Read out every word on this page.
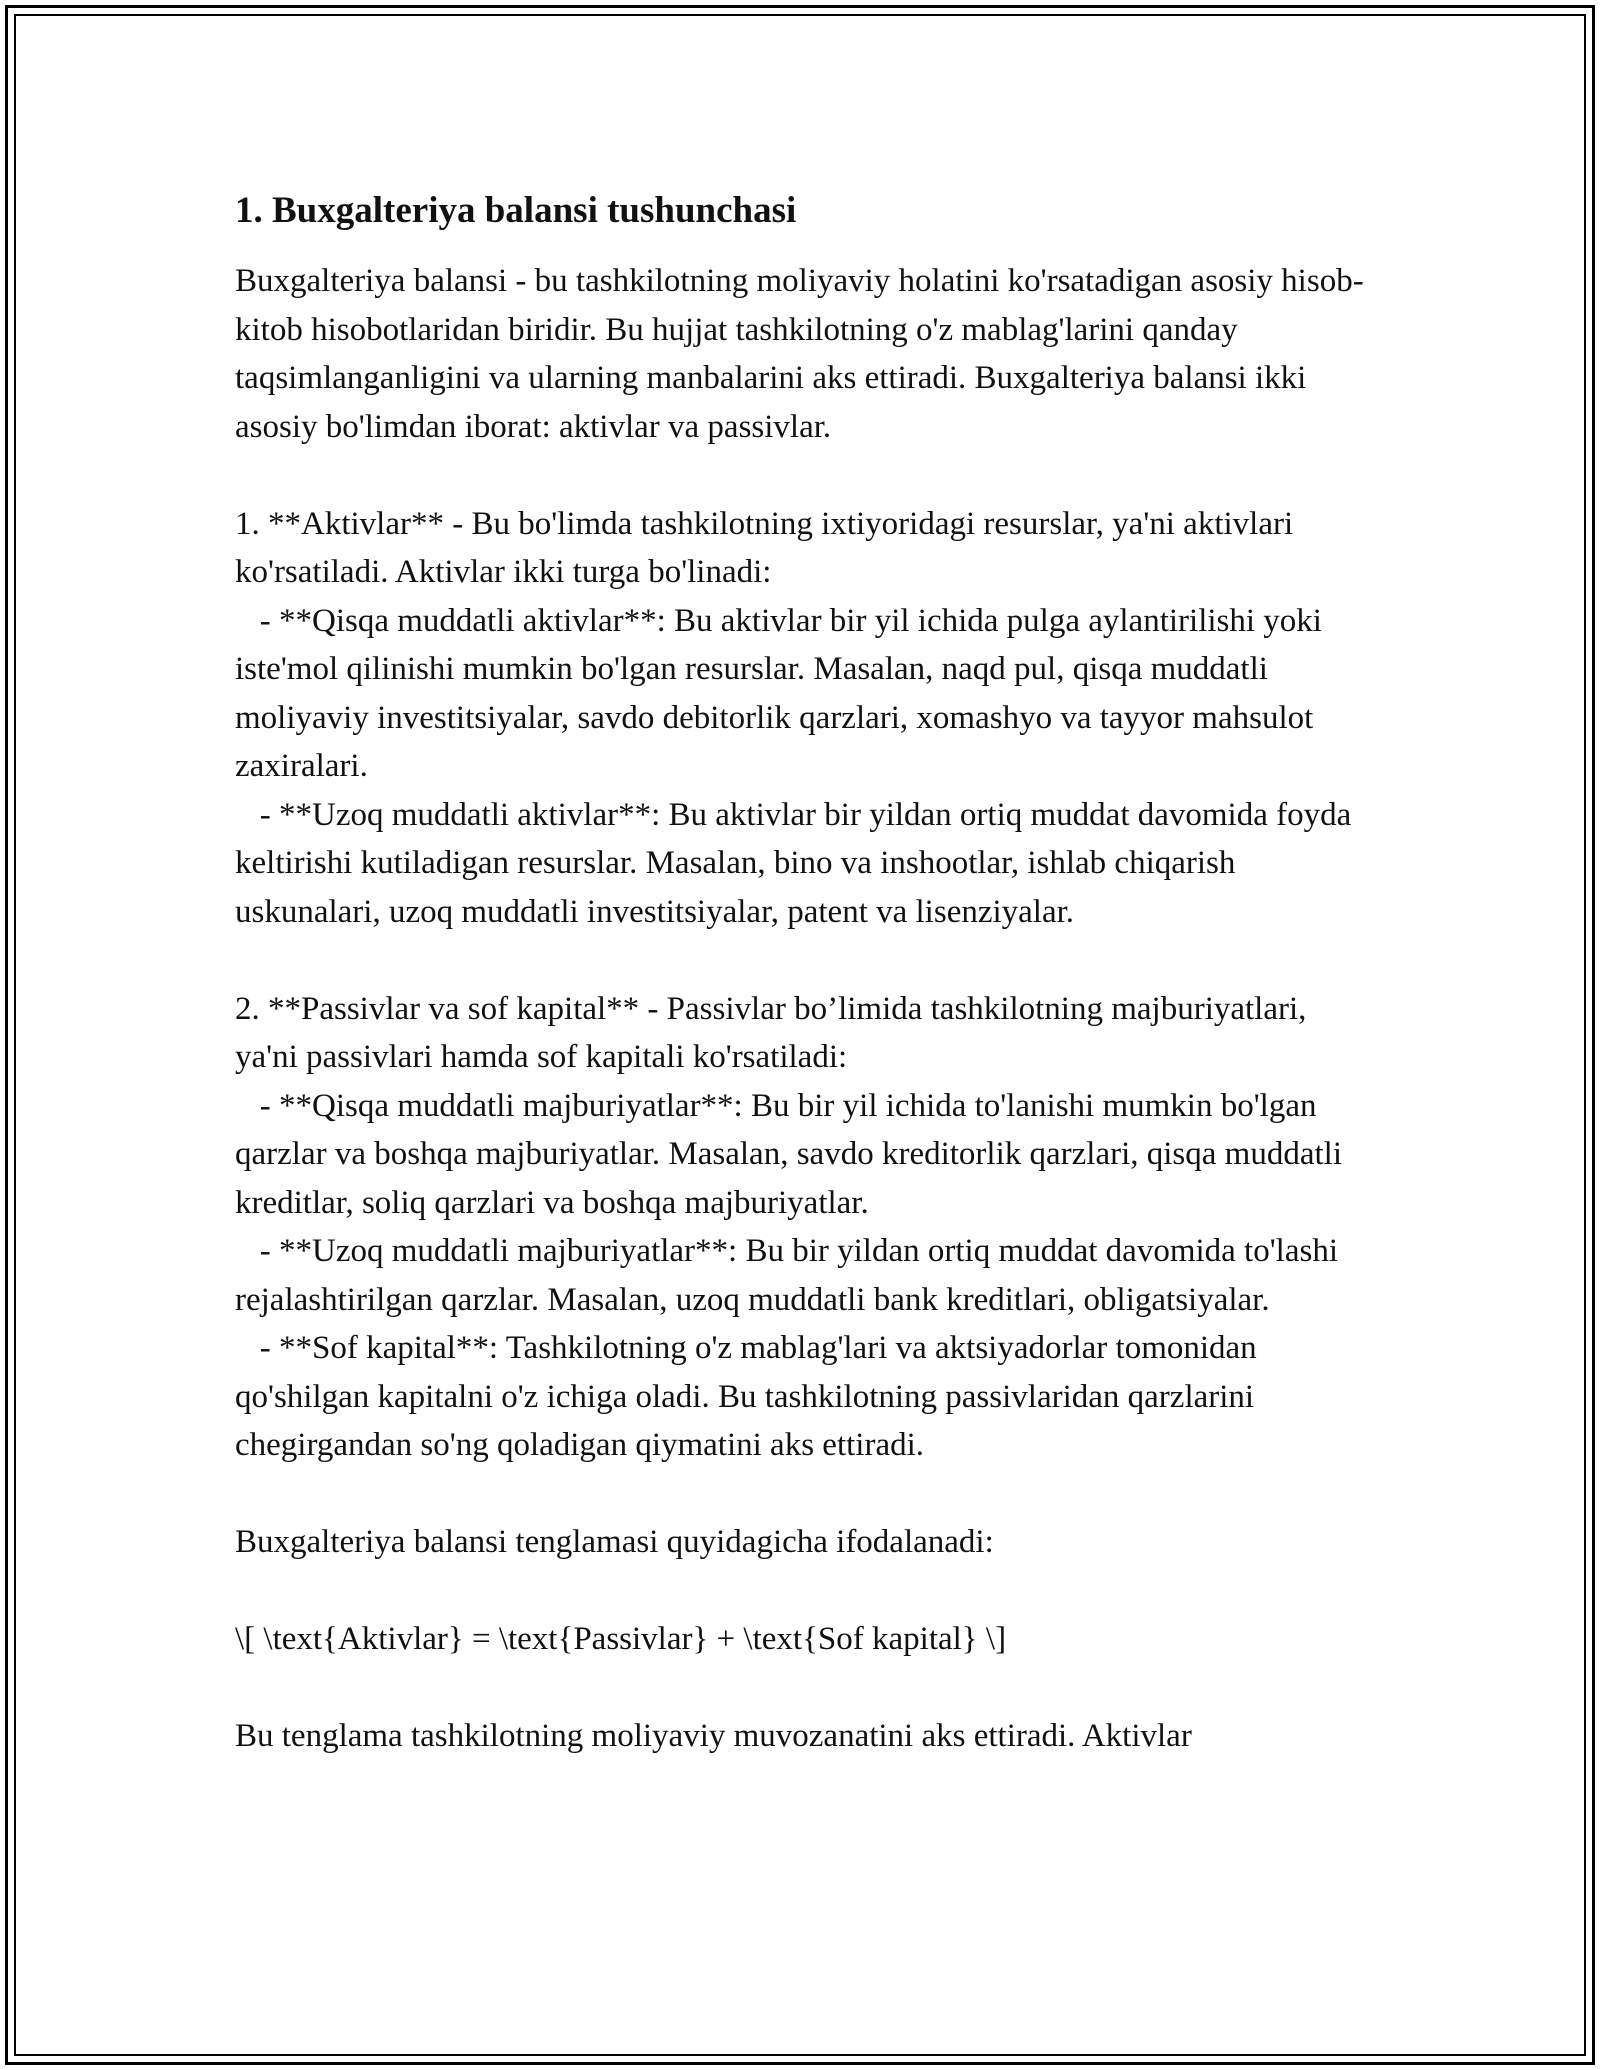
1. Buxgalteriya balansi tushunchasi

Buxgalteriya balansi - bu tashkilotning moliyaviy holatini ko'rsatadigan asosiy hisob-kitob hisobotlaridan biridir. Bu hujjat tashkilotning o'z mablag'larini qanday taqsimlanganligini va ularning manbalarini aks ettiradi. Buxgalteriya balansi ikki asosiy bo'limdan iborat: aktivlar va passivlar.

1. **Aktivlar** - Bu bo'limda tashkilotning ixtiyoridagi resurslar, ya'ni aktivlari ko'rsatiladi. Aktivlar ikki turga bo'linadi:

- **Qisqa muddatli aktivlar**: Bu aktivlar bir yil ichida pulga aylantirilishi yoki iste'mol qilinishi mumkin bo'lgan resurslar. Masalan, naqd pul, qisqa muddatli moliyaviy investitsiyalar, savdo debitorlik qarzlari, xomashyo va tayyor mahsulot zaxiralari.

- **Uzoq muddatli aktivlar**: Bu aktivlar bir yildan ortiq muddat davomida foyda keltirishi kutiladigan resurslar. Masalan, bino va inshootlar, ishlab chiqarish uskunalari, uzoq muddatli investitsiyalar, patent va lisenziyalar.

2. **Passivlar va sof kapital** - Passivlar bo’limida tashkilotning majburiyatlari, ya'ni passivlari hamda sof kapitali ko'rsatiladi:

- **Qisqa muddatli majburiyatlar**: Bu bir yil ichida to'lanishi mumkin bo'lgan qarzlar va boshqa majburiyatlar. Masalan, savdo kreditorlik qarzlari, qisqa muddatli kreditlar, soliq qarzlari va boshqa majburiyatlar.

- **Uzoq muddatli majburiyatlar**: Bu bir yildan ortiq muddat davomida to'lashi rejalashtirilgan qarzlar. Masalan, uzoq muddatli bank kreditlari, obligatsiyalar.

- **Sof kapital**: Tashkilotning o'z mablag'lari va aktsiyadorlar tomonidan qo'shilgan kapitalni o'z ichiga oladi. Bu tashkilotning passivlaridan qarzlarini chegirgandan so'ng qoladigan qiymatini aks ettiradi.

Buxgalteriya balansi tenglamasi quyidagicha ifodalanadi:

\[ \text{Aktivlar} = \text{Passivlar} + \text{Sof kapital} \]

Bu tenglama tashkilotning moliyaviy muvozanatini aks ettiradi. Aktivlar
